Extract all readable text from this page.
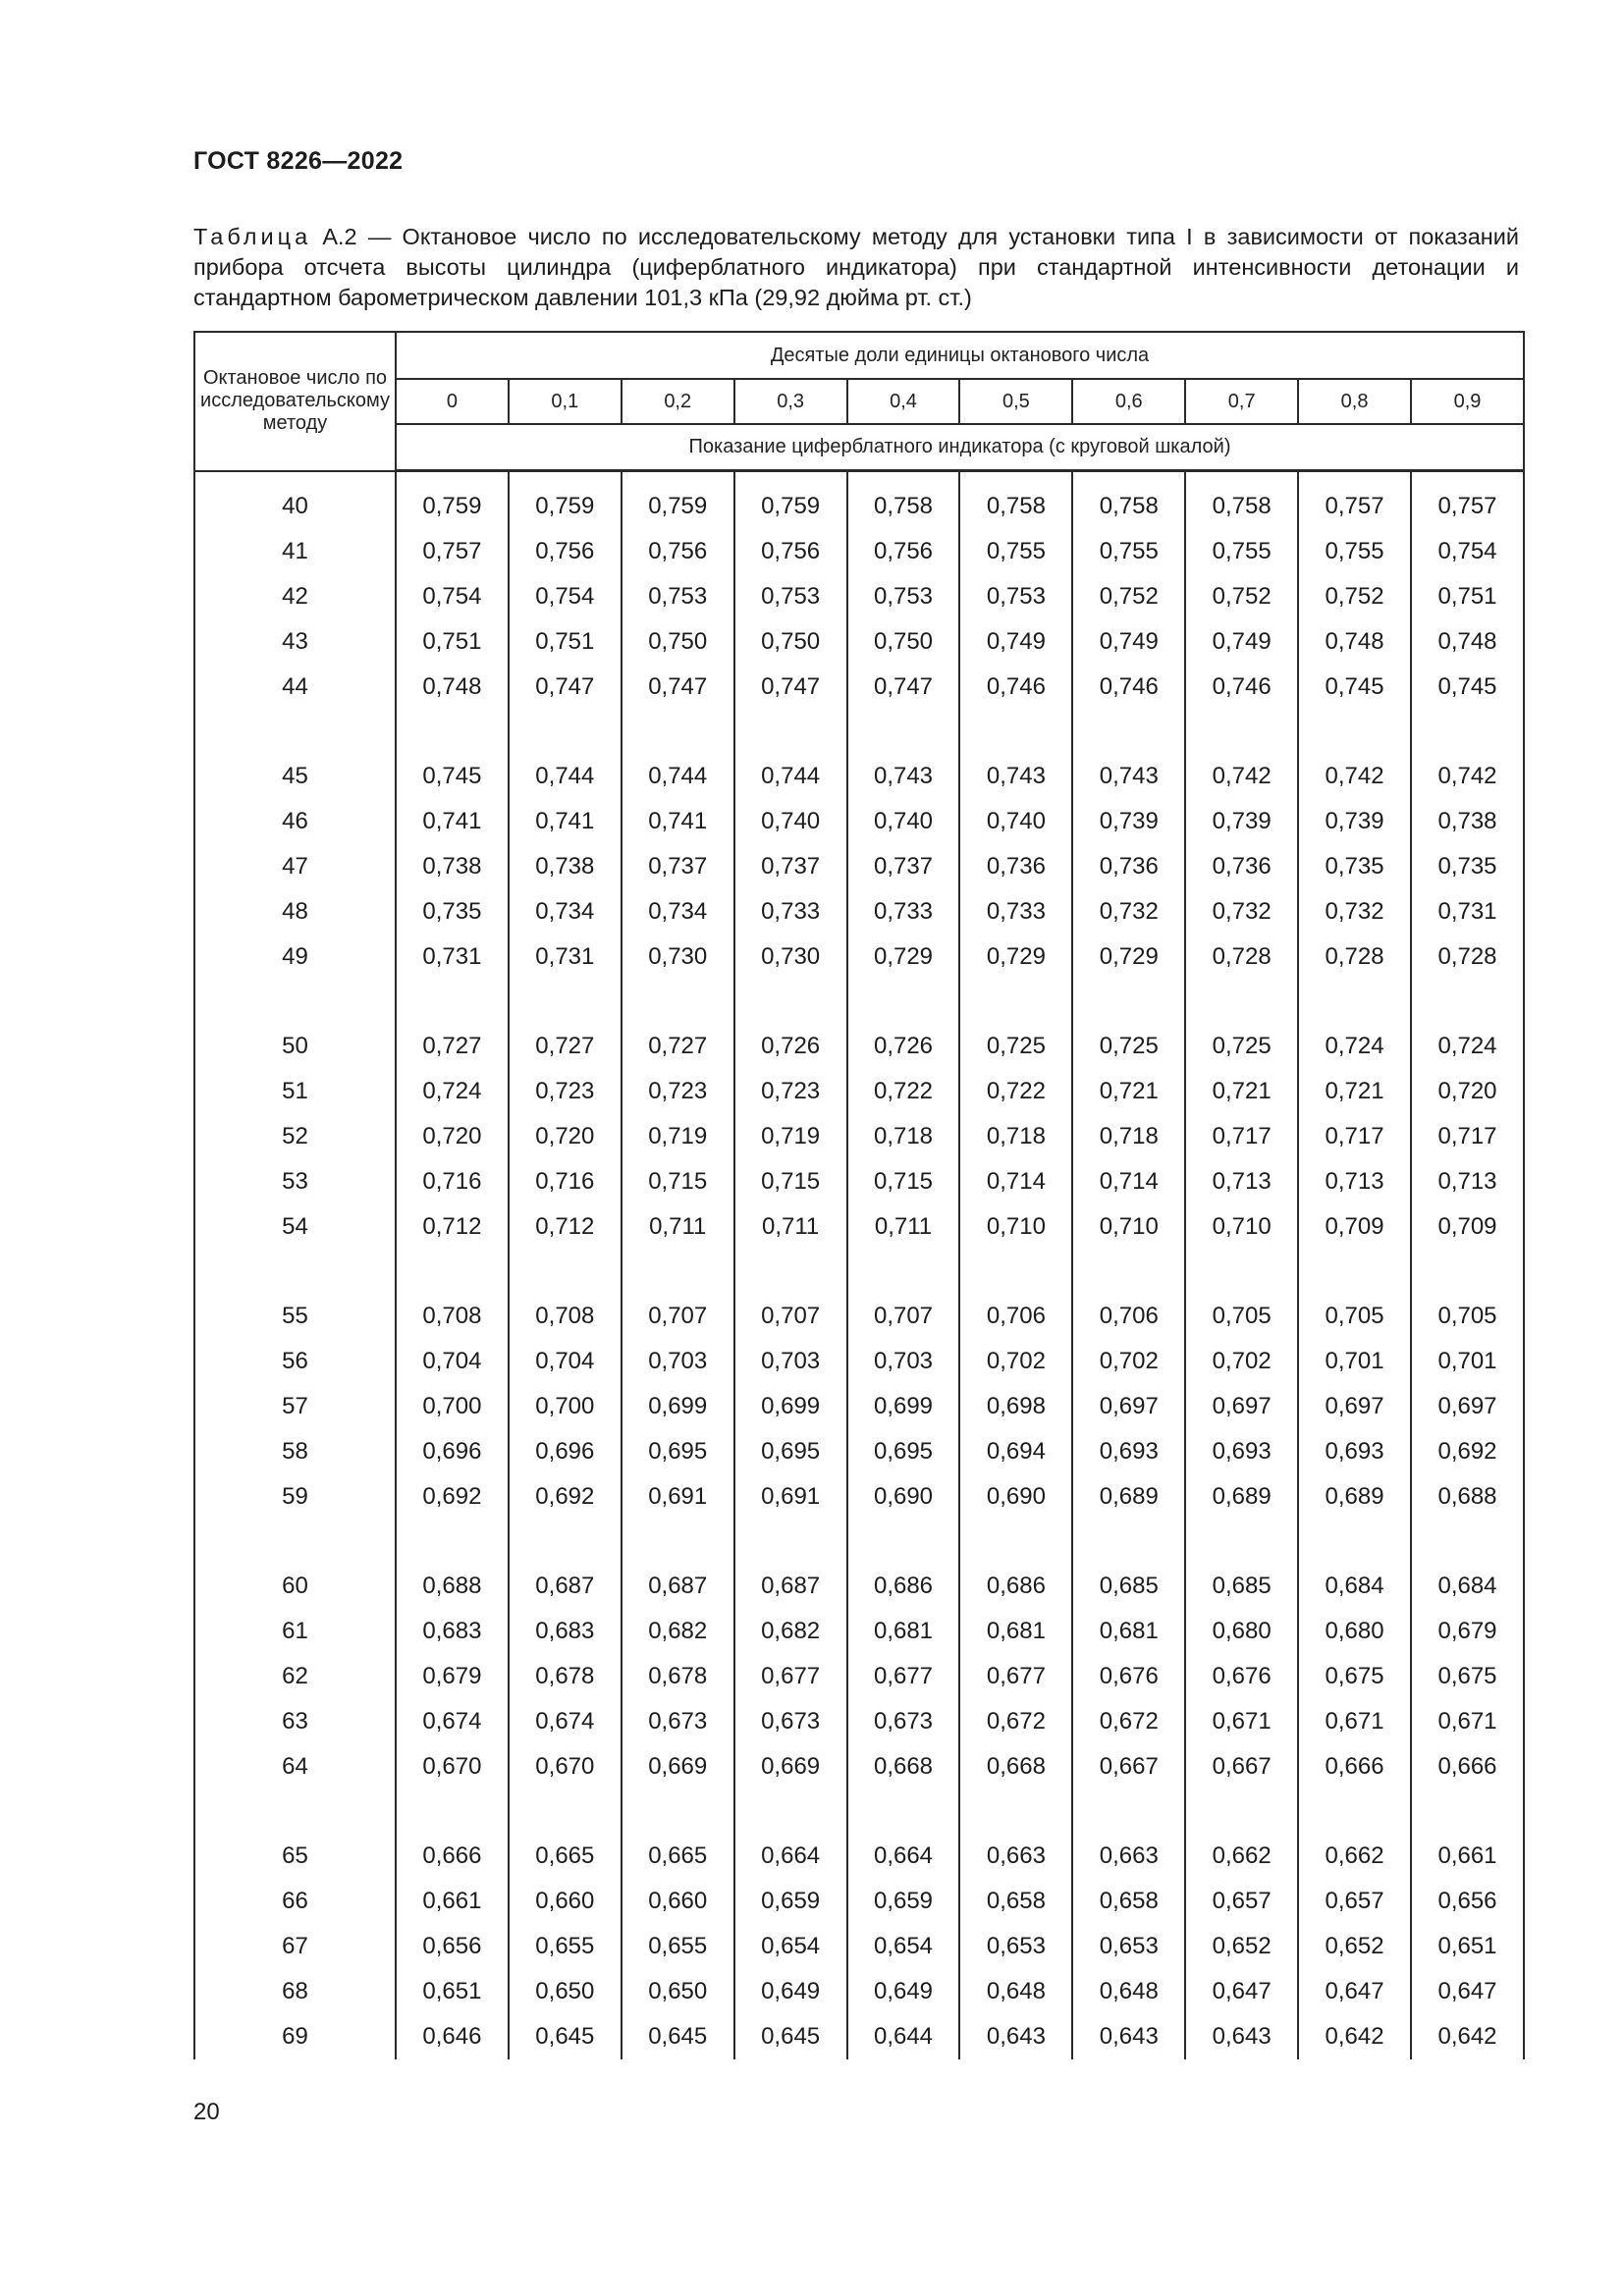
ГОСТ 8226—2022
Таблица А.2 — Октановое число по исследовательскому методу для установки типа I в зависимости от показаний прибора отсчета высоты цилиндра (циферблатного индикатора) при стандартной интенсивности детонации и стандартном барометрическом давлении 101,3 кПа (29,92 дюйма рт. ст.)
Октановое число по исследовательскому методу	Десятые доли единицы октанового числа									
	0	0,1	0,2	0,3	0,4	0,5	0,6	0,7	0,8	0,9
	Показание циферблатного индикатора (с круговой шкалой)									
40	0,759	0,759	0,759	0,759	0,758	0,758	0,758	0,758	0,757	0,757
41	0,757	0,756	0,756	0,756	0,756	0,755	0,755	0,755	0,755	0,754
42	0,754	0,754	0,753	0,753	0,753	0,753	0,752	0,752	0,752	0,751
43	0,751	0,751	0,750	0,750	0,750	0,749	0,749	0,749	0,748	0,748
44	0,748	0,747	0,747	0,747	0,747	0,746	0,746	0,746	0,745	0,745

45	0,745	0,744	0,744	0,744	0,743	0,743	0,743	0,742	0,742	0,742
46	0,741	0,741	0,741	0,740	0,740	0,740	0,739	0,739	0,739	0,738
47	0,738	0,738	0,737	0,737	0,737	0,736	0,736	0,736	0,735	0,735
48	0,735	0,734	0,734	0,733	0,733	0,733	0,732	0,732	0,732	0,731
49	0,731	0,731	0,730	0,730	0,729	0,729	0,729	0,728	0,728	0,728

50	0,727	0,727	0,727	0,726	0,726	0,725	0,725	0,725	0,724	0,724
51	0,724	0,723	0,723	0,723	0,722	0,722	0,721	0,721	0,721	0,720
52	0,720	0,720	0,719	0,719	0,718	0,718	0,718	0,717	0,717	0,717
53	0,716	0,716	0,715	0,715	0,715	0,714	0,714	0,713	0,713	0,713
54	0,712	0,712	0,711	0,711	0,711	0,710	0,710	0,710	0,709	0,709

55	0,708	0,708	0,707	0,707	0,707	0,706	0,706	0,705	0,705	0,705
56	0,704	0,704	0,703	0,703	0,703	0,702	0,702	0,702	0,701	0,701
57	0,700	0,700	0,699	0,699	0,699	0,698	0,697	0,697	0,697	0,697
58	0,696	0,696	0,695	0,695	0,695	0,694	0,693	0,693	0,693	0,692
59	0,692	0,692	0,691	0,691	0,690	0,690	0,689	0,689	0,689	0,688

60	0,688	0,687	0,687	0,687	0,686	0,686	0,685	0,685	0,684	0,684
61	0,683	0,683	0,682	0,682	0,681	0,681	0,681	0,680	0,680	0,679
62	0,679	0,678	0,678	0,677	0,677	0,677	0,676	0,676	0,675	0,675
63	0,674	0,674	0,673	0,673	0,673	0,672	0,672	0,671	0,671	0,671
64	0,670	0,670	0,669	0,669	0,668	0,668	0,667	0,667	0,666	0,666

65	0,666	0,665	0,665	0,664	0,664	0,663	0,663	0,662	0,662	0,661
66	0,661	0,660	0,660	0,659	0,659	0,658	0,658	0,657	0,657	0,656
67	0,656	0,655	0,655	0,654	0,654	0,653	0,653	0,652	0,652	0,651
68	0,651	0,650	0,650	0,649	0,649	0,648	0,648	0,647	0,647	0,647
69	0,646	0,645	0,645	0,645	0,644	0,643	0,643	0,643	0,642	0,642
20
